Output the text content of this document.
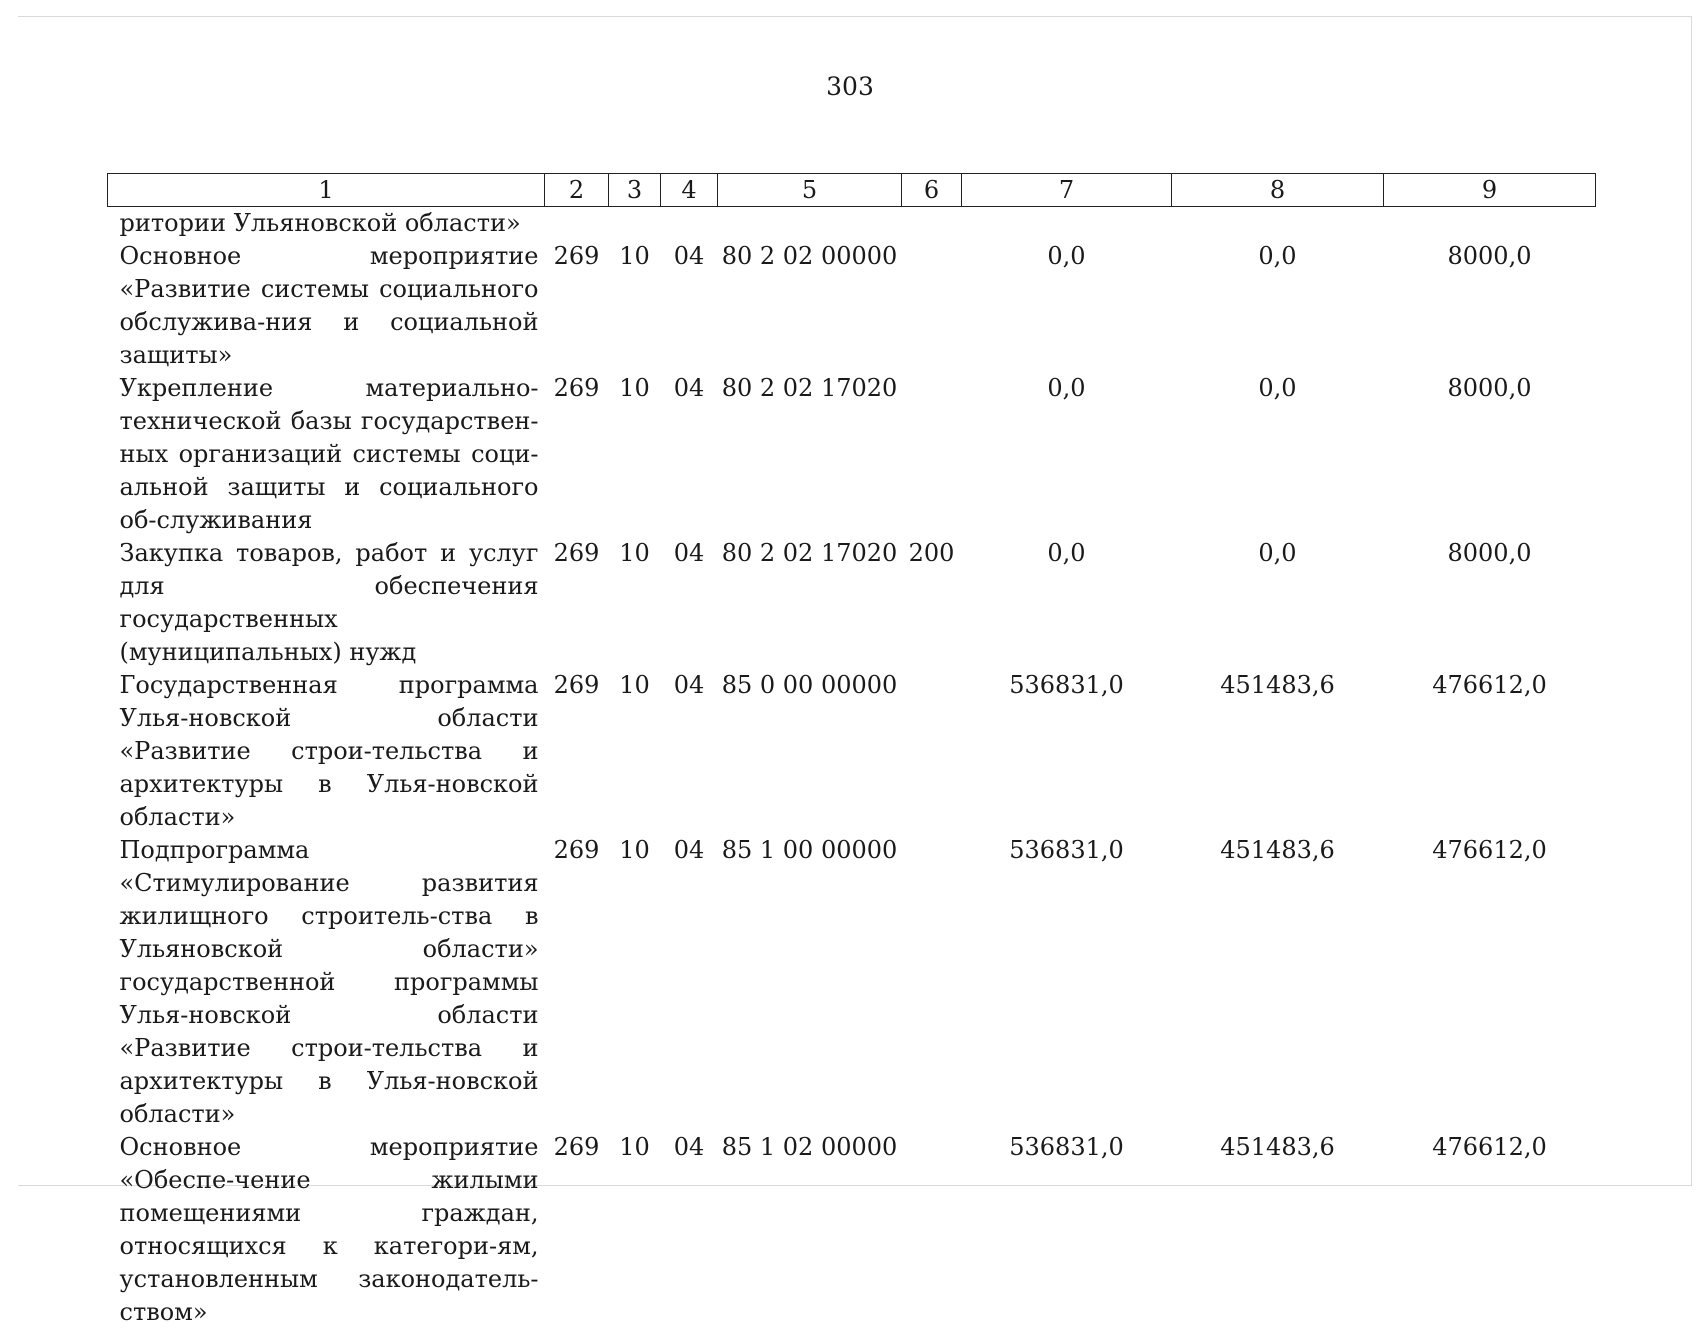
303
1	2	3	4	5	6	7	8	9
ритории Ульяновской области»								
Основное мероприятие «Развитие системы социального обслужива-ния и социальной защиты»	269	10	04	80 2 02 00000		0,0	0,0	8000,0
Укрепление материально-технической базы государствен-ных организаций системы соци-альной защиты и социального об-служивания	269	10	04	80 2 02 17020		0,0	0,0	8000,0
Закупка товаров, работ и услуг для обеспечения государственных (муниципальных) нужд	269	10	04	80 2 02 17020	200	0,0	0,0	8000,0
Государственная программа Улья-новской области «Развитие строи-тельства и архитектуры в Улья-новской области»	269	10	04	85 0 00 00000		536831,0	451483,6	476612,0
Подпрограмма «Стимулирование развития жилищного строитель-ства в Ульяновской области» государственной программы Улья-новской области «Развитие строи-тельства и архитектуры в Улья-новской области»	269	10	04	85 1 00 00000		536831,0	451483,6	476612,0
Основное мероприятие «Обеспе-чение жилыми помещениями граждан, относящихся к категори-ям, установленным законодатель-ством»	269	10	04	85 1 02 00000		536831,0	451483,6	476612,0
